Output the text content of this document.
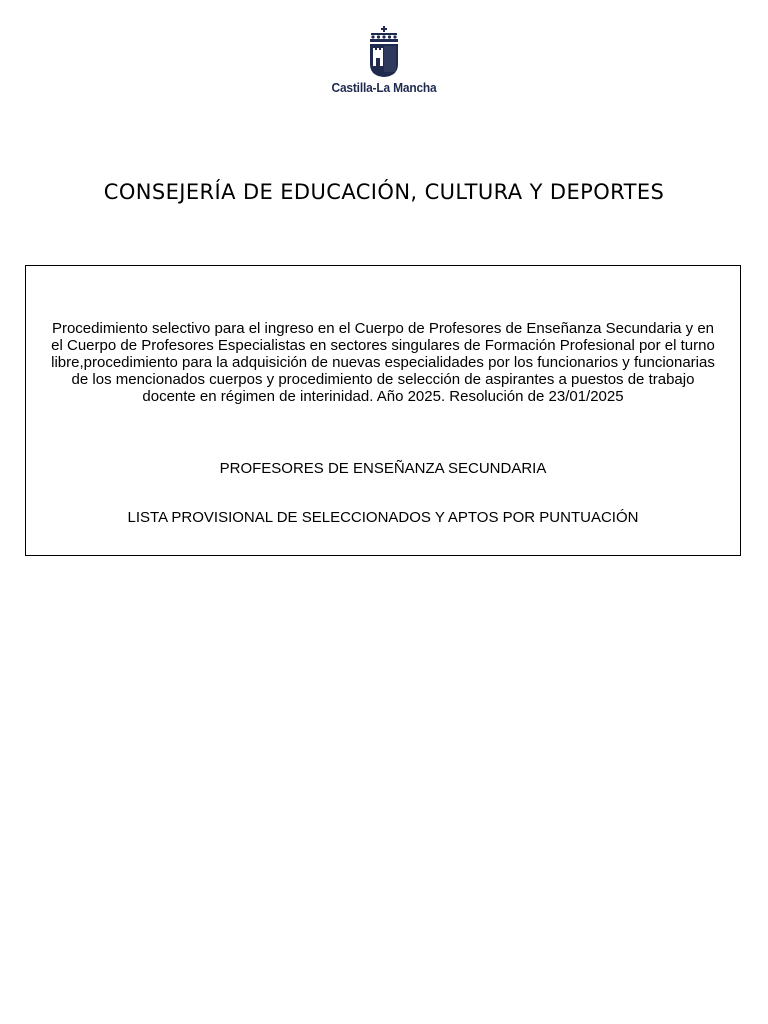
Castilla-La Mancha
CONSEJERÍA DE EDUCACIÓN, CULTURA Y DEPORTES
Procedimiento selectivo para el ingreso en el Cuerpo de Profesores de Enseñanza Secundaria y en el Cuerpo de Profesores Especialistas en sectores singulares de Formación Profesional por el turno libre,procedimiento para la adquisición de nuevas especialidades por los funcionarios y funcionarias de los mencionados cuerpos y procedimiento de selección de aspirantes a puestos de trabajo docente en régimen de interinidad. Año 2025. Resolución de 23/01/2025
PROFESORES DE ENSEÑANZA SECUNDARIA
LISTA PROVISIONAL DE SELECCIONADOS Y APTOS POR PUNTUACIÓN
